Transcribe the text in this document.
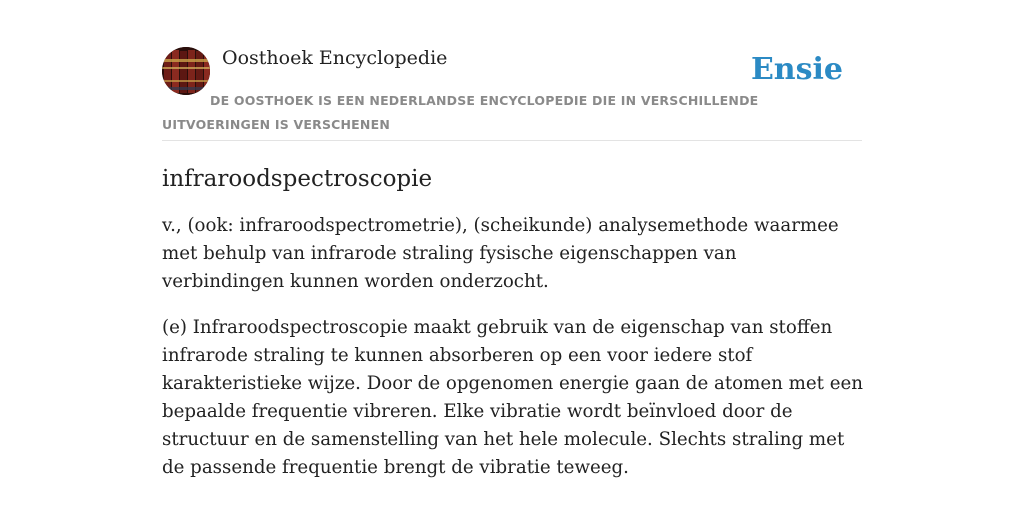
Oosthoek Encyclopedie	Ensie
DE OOSTHOEK IS EEN NEDERLANDSE ENCYCLOPEDIE DIE IN VERSCHILLENDE UITVOERINGEN IS VERSCHENEN
infraroodspectroscopie

v., (ook: infraroodspectrometrie), (scheikunde) analysemethode waarmee met behulp van infrarode straling fysische eigenschappen van verbindingen kunnen worden onderzocht.

(e) Infraroodspectroscopie maakt gebruik van de eigenschap van stoffen infrarode straling te kunnen absorberen op een voor iedere stof karakteristieke wijze. Door de opgenomen energie gaan de atomen met een bepaalde frequentie vibreren. Elke vibratie wordt beïnvloed door de structuur en de samenstelling van het hele molecule. Slechts straling met de passende frequentie brengt de vibratie teweeg.
